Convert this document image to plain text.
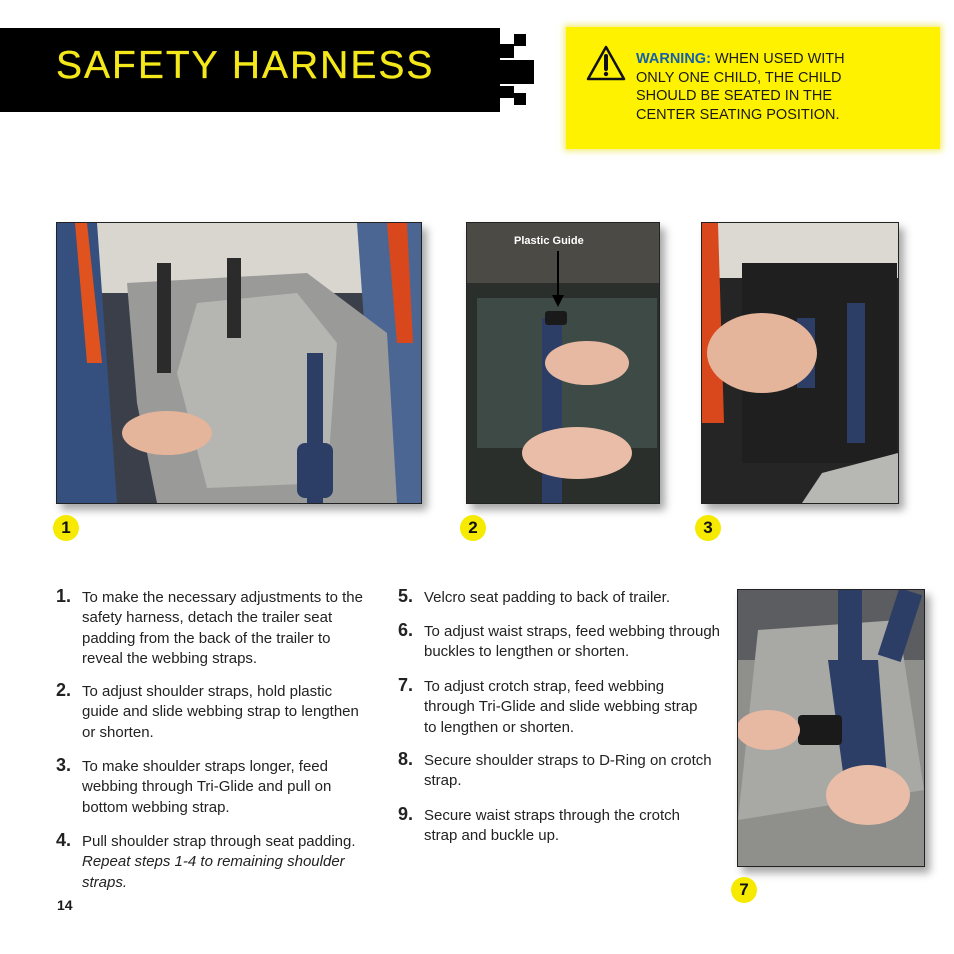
SAFETY HARNESS	WARNING: WHEN USED WITH ONLY ONE CHILD, THE CHILD SHOULD BE SEATED IN THE CENTER SEATING POSITION.
Plastic Guide
1	2	3
7
1. To make the necessary adjustments to the safety harness, detach the trailer seat padding from the back of the trailer to reveal the webbing straps.
2. To adjust shoulder straps, hold plastic guide and slide webbing strap to lengthen or shorten.
3. To make shoulder straps longer, feed webbing through Tri-Glide and pull on bottom webbing strap.
4. Pull shoulder strap through seat padding. Repeat steps 1-4 to remaining shoulder straps.
5. Velcro seat padding to back of trailer.
6. To adjust waist straps, feed webbing through buckles to lengthen or shorten.
7. To adjust crotch strap, feed webbing through Tri-Glide and slide webbing strap to lengthen or shorten.
8. Secure shoulder straps to D-Ring on crotch strap.
9. Secure waist straps through the crotch strap and buckle up.
14
